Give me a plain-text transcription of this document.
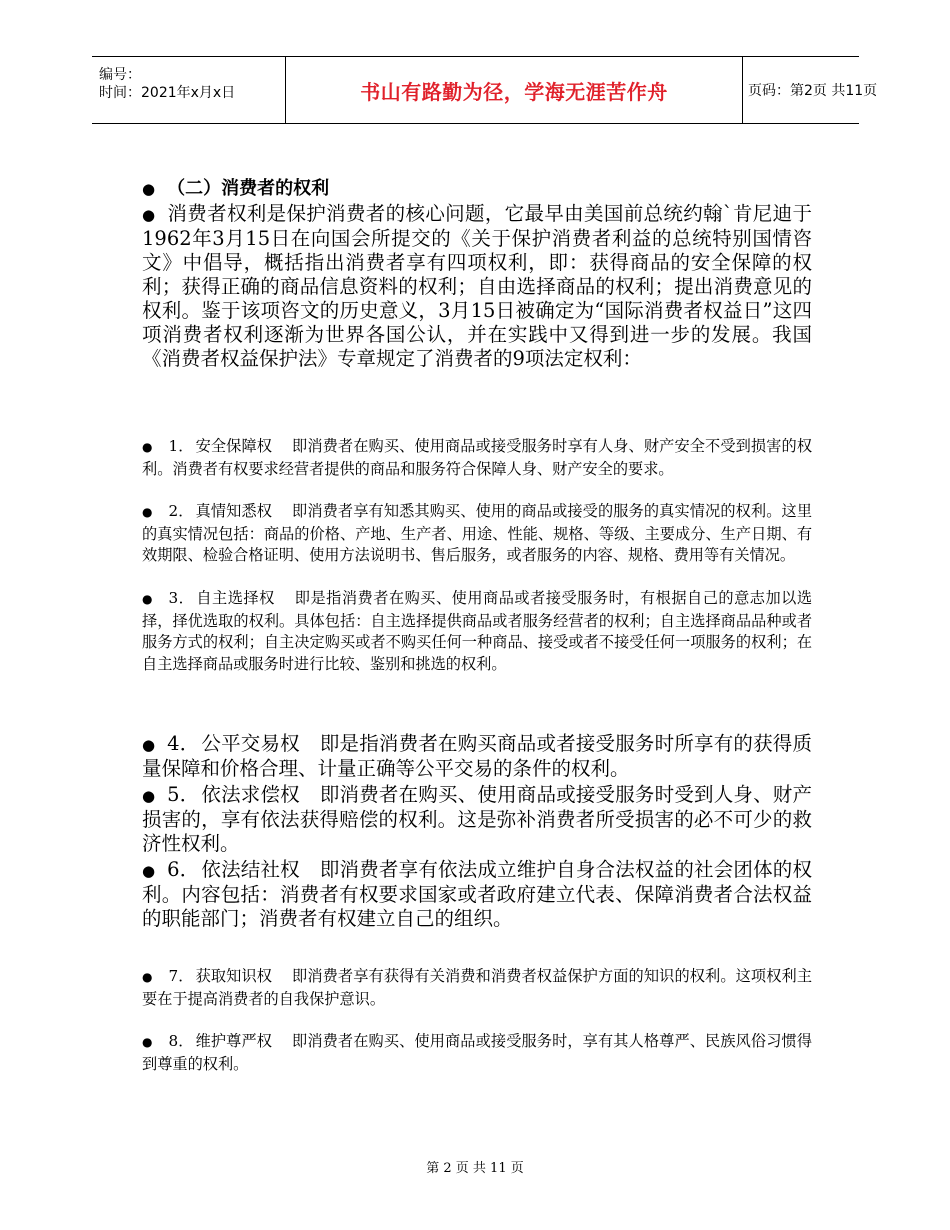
编号：
时间：2021年x月x日	书山有路勤为径，学海无涯苦作舟	页码：第2页 共11页
● （二）消费者的权利
● 消费者权利是保护消费者的核心问题，它最早由美国前总统约翰`肯尼迪于1962年3月15日在向国会所提交的《关于保护消费者利益的总统特别国情咨文》中倡导，概括指出消费者享有四项权利，即：获得商品的安全保障的权利；获得正确的商品信息资料的权利；自由选择商品的权利；提出消费意见的权利。鉴于该项咨文的历史意义，3月15日被确定为“国际消费者权益日”这四项消费者权利逐渐为世界各国公认，并在实践中又得到进一步的发展。我国《消费者权益保护法》专章规定了消费者的9项法定权利：
● 1． 安全保障权 即消费者在购买、使用商品或接受服务时享有人身、财产安全不受到损害的权利。消费者有权要求经营者提供的商品和服务符合保障人身、财产安全的要求。
● 2． 真情知悉权 即消费者享有知悉其购买、使用的商品或接受的服务的真实情况的权利。这里的真实情况包括：商品的价格、产地、生产者、用途、性能、规格、等级、主要成分、生产日期、有效期限、检验合格证明、使用方法说明书、售后服务，或者服务的内容、规格、费用等有关情况。
● 3． 自主选择权 即是指消费者在购买、使用商品或者接受服务时，有根据自己的意志加以选择，择优选取的权利。具体包括：自主选择提供商品或者服务经营者的权利；自主选择商品品种或者服务方式的权利；自主决定购买或者不购买任何一种商品、接受或者不接受任何一项服务的权利；在自主选择商品或服务时进行比较、鉴别和挑选的权利。
● 4． 公平交易权 即是指消费者在购买商品或者接受服务时所享有的获得质量保障和价格合理、计量正确等公平交易的条件的权利。
● 5． 依法求偿权 即消费者在购买、使用商品或接受服务时受到人身、财产损害的，享有依法获得赔偿的权利。这是弥补消费者所受损害的必不可少的救济性权利。
● 6． 依法结社权 即消费者享有依法成立维护自身合法权益的社会团体的权利。内容包括：消费者有权要求国家或者政府建立代表、保障消费者合法权益的职能部门；消费者有权建立自己的组织。
● 7． 获取知识权 即消费者享有获得有关消费和消费者权益保护方面的知识的权利。这项权利主要在于提高消费者的自我保护意识。
● 8． 维护尊严权 即消费者在购买、使用商品或接受服务时，享有其人格尊严、民族风俗习惯得到尊重的权利。
第 2 页 共 11 页
